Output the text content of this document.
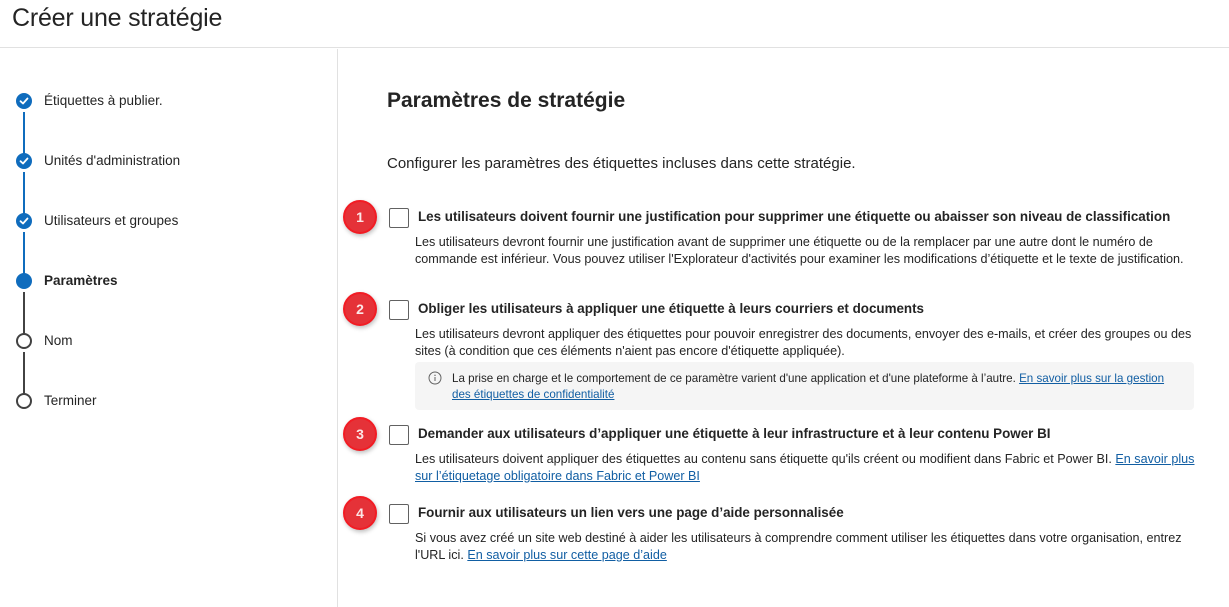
Créer une stratégie
Étiquettes à publier.
Unités d'administration
Utilisateurs et groupes
Paramètres
Nom
Terminer
Paramètres de stratégie

Configurer les paramètres des étiquettes incluses dans cette stratégie.

1	Les utilisateurs doivent fournir une justification pour supprimer une étiquette ou abaisser son niveau de classification

Les utilisateurs devront fournir une justification avant de supprimer une étiquette ou de la remplacer par une autre dont le numéro de commande est inférieur. Vous pouvez utiliser l'Explorateur d'activités pour examiner les modifications d’étiquette et le texte de justification.

2	Obliger les utilisateurs à appliquer une étiquette à leurs courriers et documents

Les utilisateurs devront appliquer des étiquettes pour pouvoir enregistrer des documents, envoyer des e-mails, et créer des groupes ou des sites (à condition que ces éléments n'aient pas encore d'étiquette appliquée).

La prise en charge et le comportement de ce paramètre varient d'une application et d'une plateforme à l’autre. En savoir plus sur la gestion des étiquettes de confidentialité

3	Demander aux utilisateurs d’appliquer une étiquette à leur infrastructure et à leur contenu Power BI

Les utilisateurs doivent appliquer des étiquettes au contenu sans étiquette qu'ils créent ou modifient dans Fabric et Power BI. En savoir plus sur l’étiquetage obligatoire dans Fabric et Power BI

4	Fournir aux utilisateurs un lien vers une page d’aide personnalisée

Si vous avez créé un site web destiné à aider les utilisateurs à comprendre comment utiliser les étiquettes dans votre organisation, entrez l'URL ici. En savoir plus sur cette page d’aide
